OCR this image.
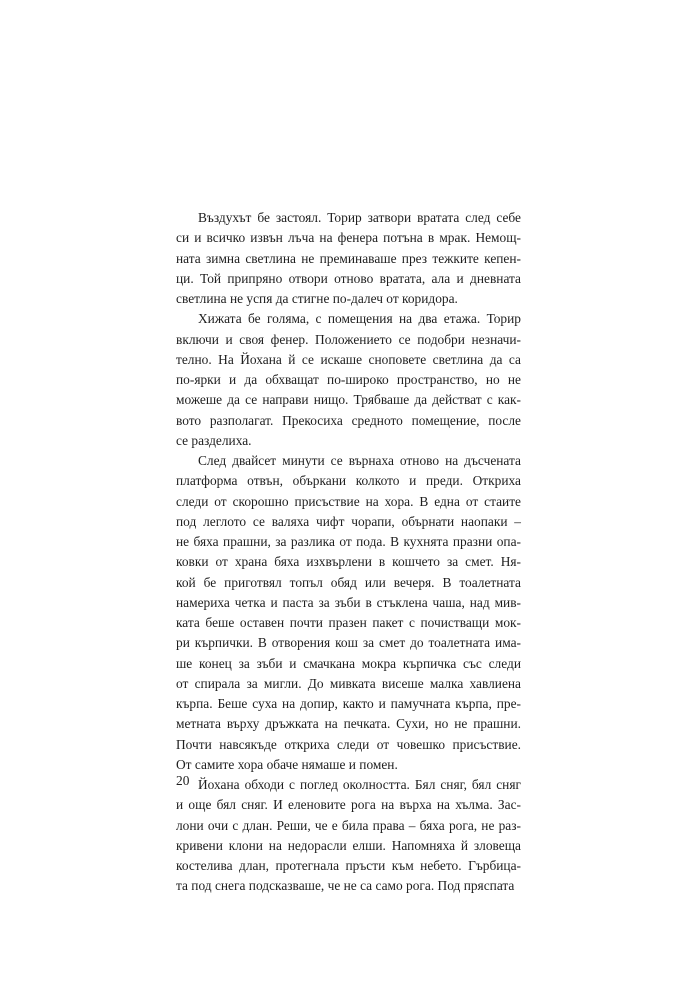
Въздухът бе застоял. Торир затвори вратата след себе
си и всичко извън лъча на фенера потъна в мрак. Немощ-
ната зимна светлина не преминаваше през тежките кепен-
ци. Той припряно отвори отново вратата, ала и дневната
светлина не успя да стигне по-далеч от коридора.
Хижата бе голяма, с помещения на два етажа. Торир
включи и своя фенер. Положението се подобри незначи-
телно. На Йохана й се искаше сноповете светлина да са
по-ярки и да обхващат по-широко пространство, но не
можеше да се направи нищо. Трябваше да действат с как-
вото разполагат. Прекосиха средното помещение, после
се разделиха.
След двайсет минути се върнаха отново на дъсчената
платформа отвън, объркани колкото и преди. Откриха
следи от скорошно присъствие на хора. В една от стаите
под леглото се валяха чифт чорапи, обърнати наопаки –
не бяха прашни, за разлика от пода. В кухнята празни опа-
ковки от храна бяха изхвърлени в кошчето за смет. Ня-
кой бе приготвял топъл обяд или вечеря. В тоалетната
намериха четка и паста за зъби в стъклена чаша, над мив-
ката беше оставен почти празен пакет с почистващи мок-
ри кърпички. В отворения кош за смет до тоалетната има-
ше конец за зъби и смачкана мокра кърпичка със следи
от спирала за мигли. До мивката висеше малка хавлиена
кърпа. Беше суха на допир, както и памучната кърпа, пре-
метната върху дръжката на печката. Сухи, но не прашни.
Почти навсякъде откриха следи от човешко присъствие.
От самите хора обаче нямаше и помен.
Йохана обходи с поглед околността. Бял сняг, бял сняг
и още бял сняг. И еленовите рога на върха на хълма. Зас-
лони очи с длан. Реши, че е била права – бяха рога, не раз-
кривени клони на недорасли елши. Напомняха й зловеща
костелива длан, протегнала пръсти към небето. Гърбица-
та под снега подсказваше, че не са само рога. Под пряспата
20
